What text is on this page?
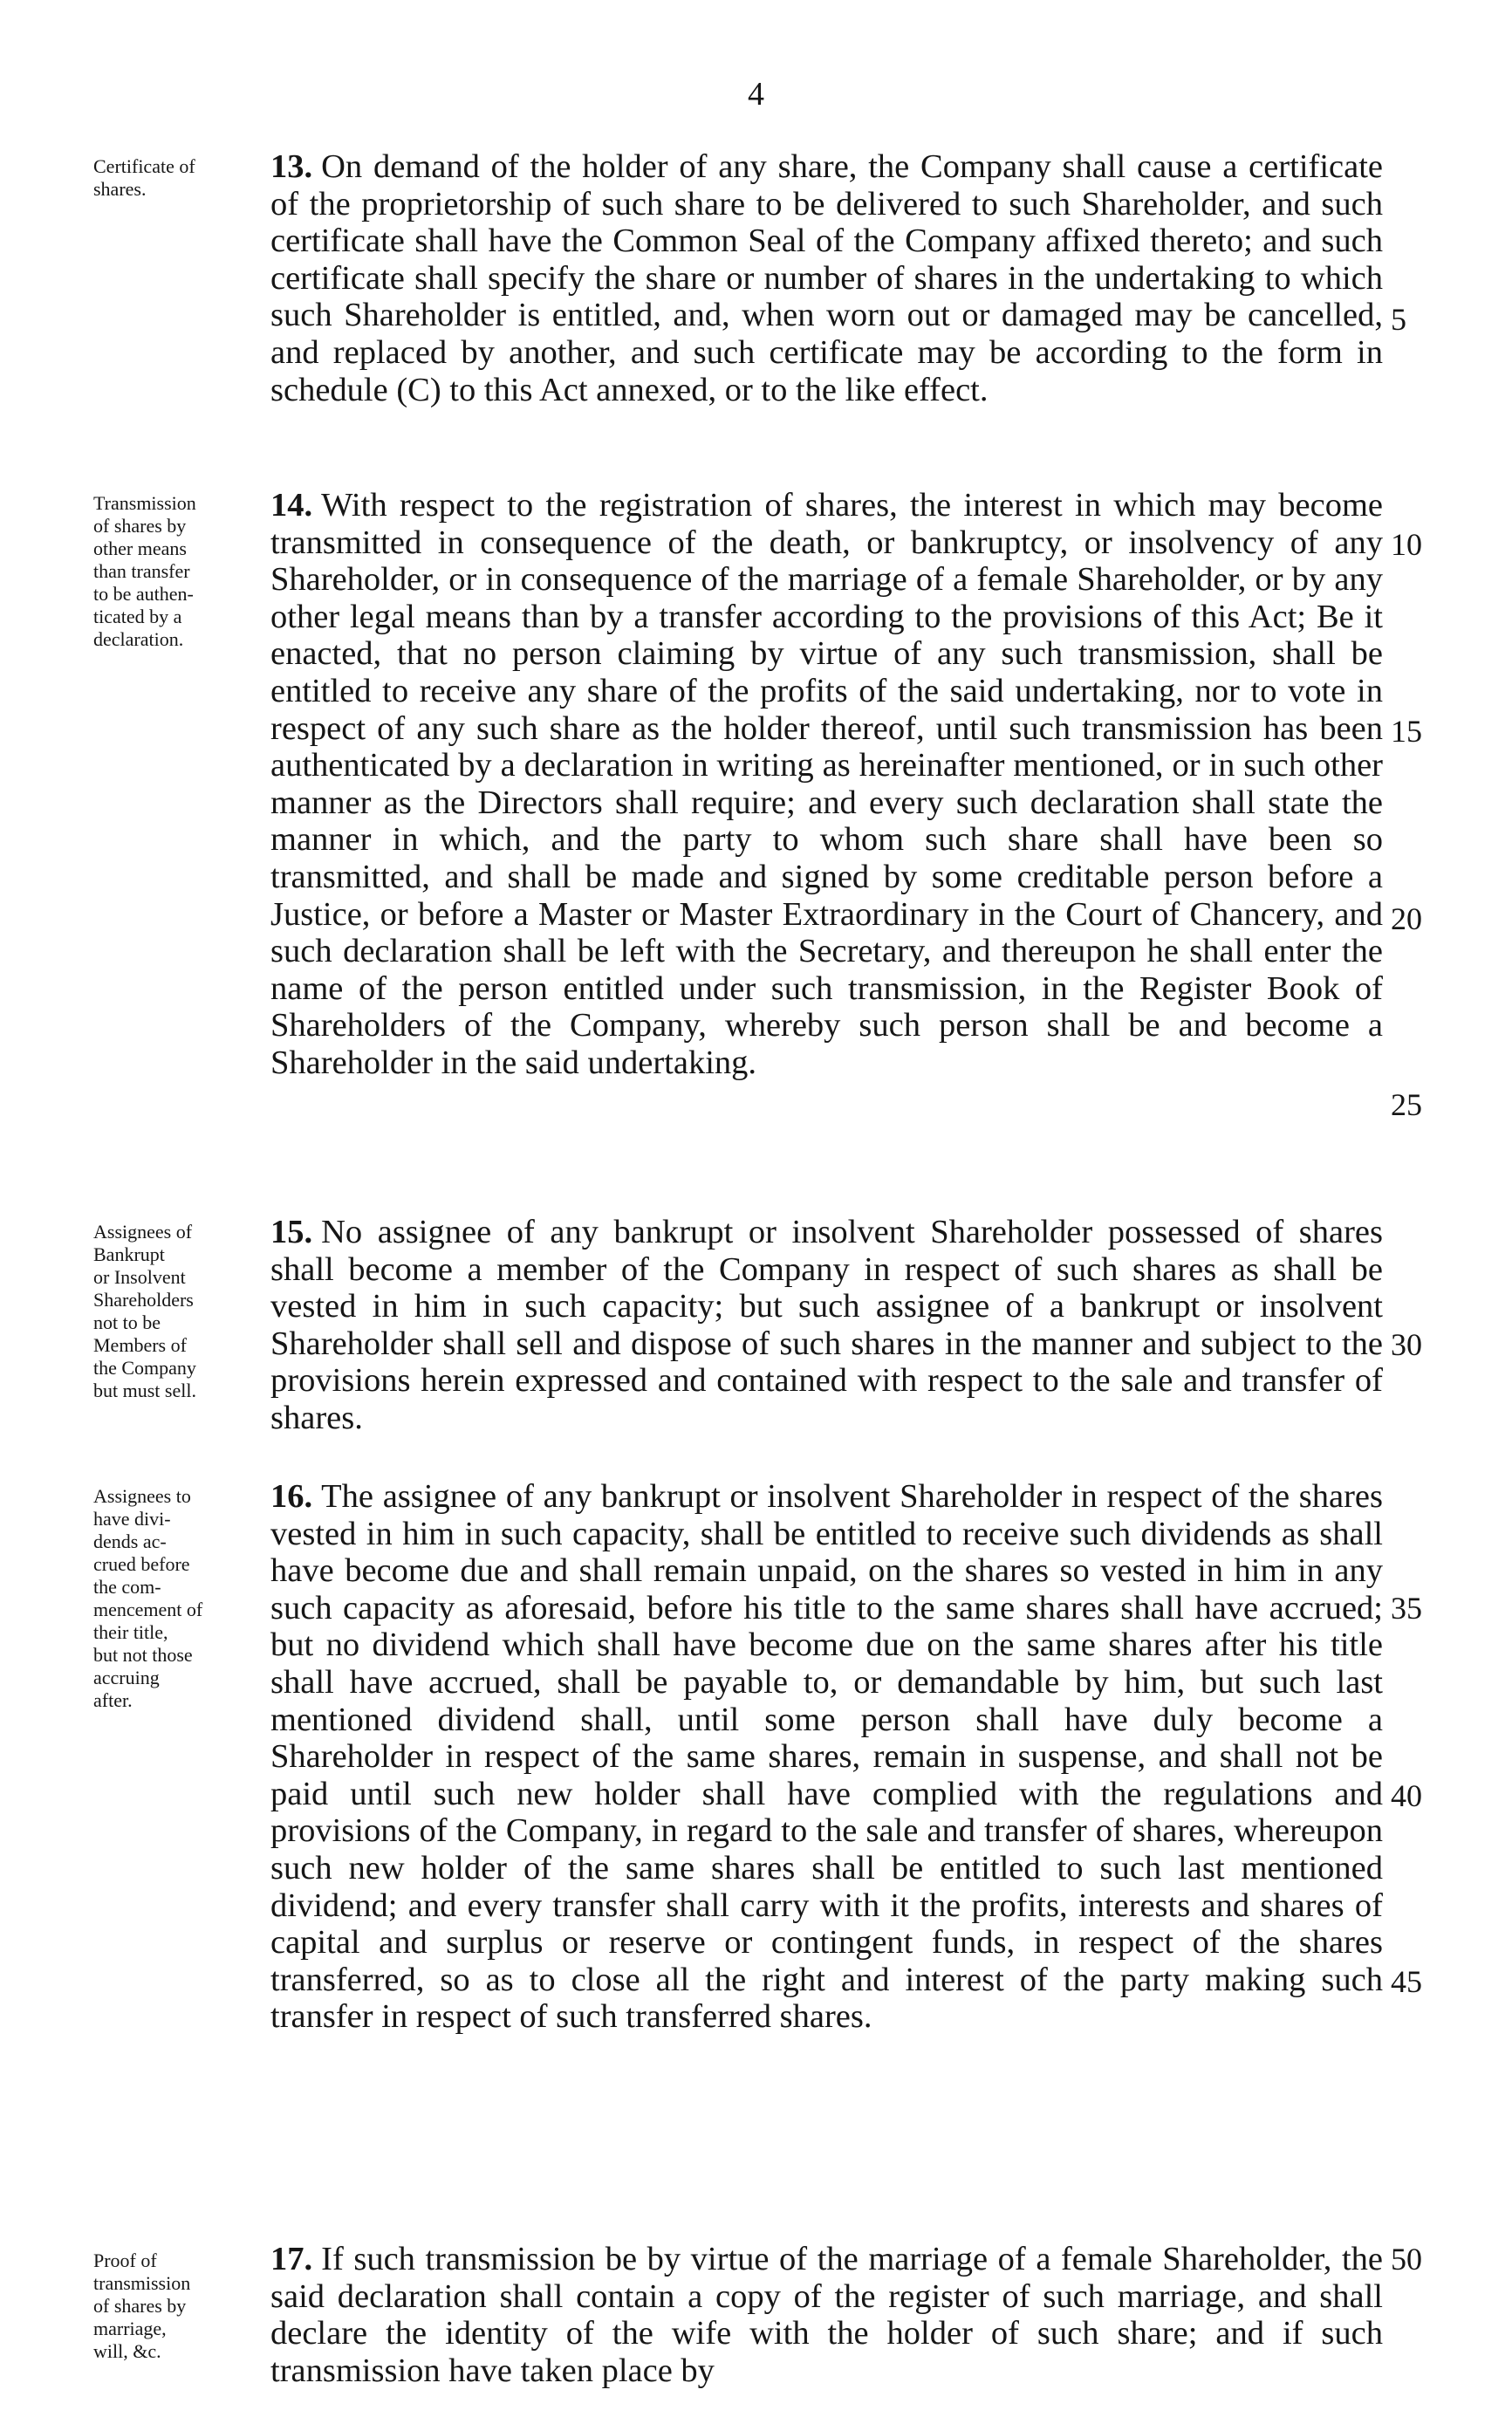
4
Certificate of
shares.
13. On demand of the holder of any share, the Company shall cause a certificate of the proprietorship of such share to be delivered to such Shareholder, and such certificate shall have the Common Seal of the Company affixed thereto; and such certificate shall specify the share or number of shares in the undertaking to which such Shareholder is entitled, and, when worn out or damaged may be cancelled, and replaced by another, and such certificate may be according to the form in schedule (C) to this Act annexed, or to the like effect.
Transmission
of shares by
other means
than transfer
to be authen-
ticated by a
declaration.
14. With respect to the registration of shares, the interest in which may become transmitted in consequence of the death, or bankruptcy, or insolvency of any Shareholder, or in consequence of the marriage of a female Shareholder, or by any other legal means than by a transfer according to the provisions of this Act; Be it enacted, that no person claiming by virtue of any such transmission, shall be entitled to receive any share of the profits of the said undertaking, nor to vote in respect of any such share as the holder thereof, until such transmission has been authenticated by a declaration in writing as hereinafter mentioned, or in such other manner as the Directors shall require; and every such declaration shall state the manner in which, and the party to whom such share shall have been so transmitted, and shall be made and signed by some creditable person before a Justice, or before a Master or Master Extraordinary in the Court of Chancery, and such declaration shall be left with the Secretary, and thereupon he shall enter the name of the person entitled under such transmission, in the Register Book of Shareholders of the Company, whereby such person shall be and become a Shareholder in the said undertaking.
Assignees of
Bankrupt
or Insolvent
Shareholders
not to be
Members of
the Company
but must sell.
15. No assignee of any bankrupt or insolvent Shareholder possessed of shares shall become a member of the Company in respect of such shares as shall be vested in him in such capacity; but such assignee of a bankrupt or insolvent Shareholder shall sell and dispose of such shares in the manner and subject to the provisions herein expressed and contained with respect to the sale and transfer of shares.
Assignees to
have divi-
dends ac-
crued before
the com-
mencement of
their title,
but not those
accruing
after.
16. The assignee of any bankrupt or insolvent Shareholder in respect of the shares vested in him in such capacity, shall be entitled to receive such dividends as shall have become due and shall remain unpaid, on the shares so vested in him in any such capacity as aforesaid, before his title to the same shares shall have accrued; but no dividend which shall have become due on the same shares after his title shall have accrued, shall be payable to, or demandable by him, but such last mentioned dividend shall, until some person shall have duly become a Shareholder in respect of the same shares, remain in suspense, and shall not be paid until such new holder shall have complied with the regulations and provisions of the Company, in regard to the sale and transfer of shares, whereupon such new holder of the same shares shall be entitled to such last mentioned dividend; and every transfer shall carry with it the profits, interests and shares of capital and surplus or reserve or contingent funds, in respect of the shares transferred, so as to close all the right and interest of the party making such transfer in respect of such transferred shares.
Proof of
transmission
of shares by
marriage,
will, &c.
17. If such transmission be by virtue of the marriage of a female Shareholder, the said declaration shall contain a copy of the register of such marriage, and shall declare the identity of the wife with the holder of such share; and if such transmission have taken place by
5
10
15
20
25
30
35
40
45
50
